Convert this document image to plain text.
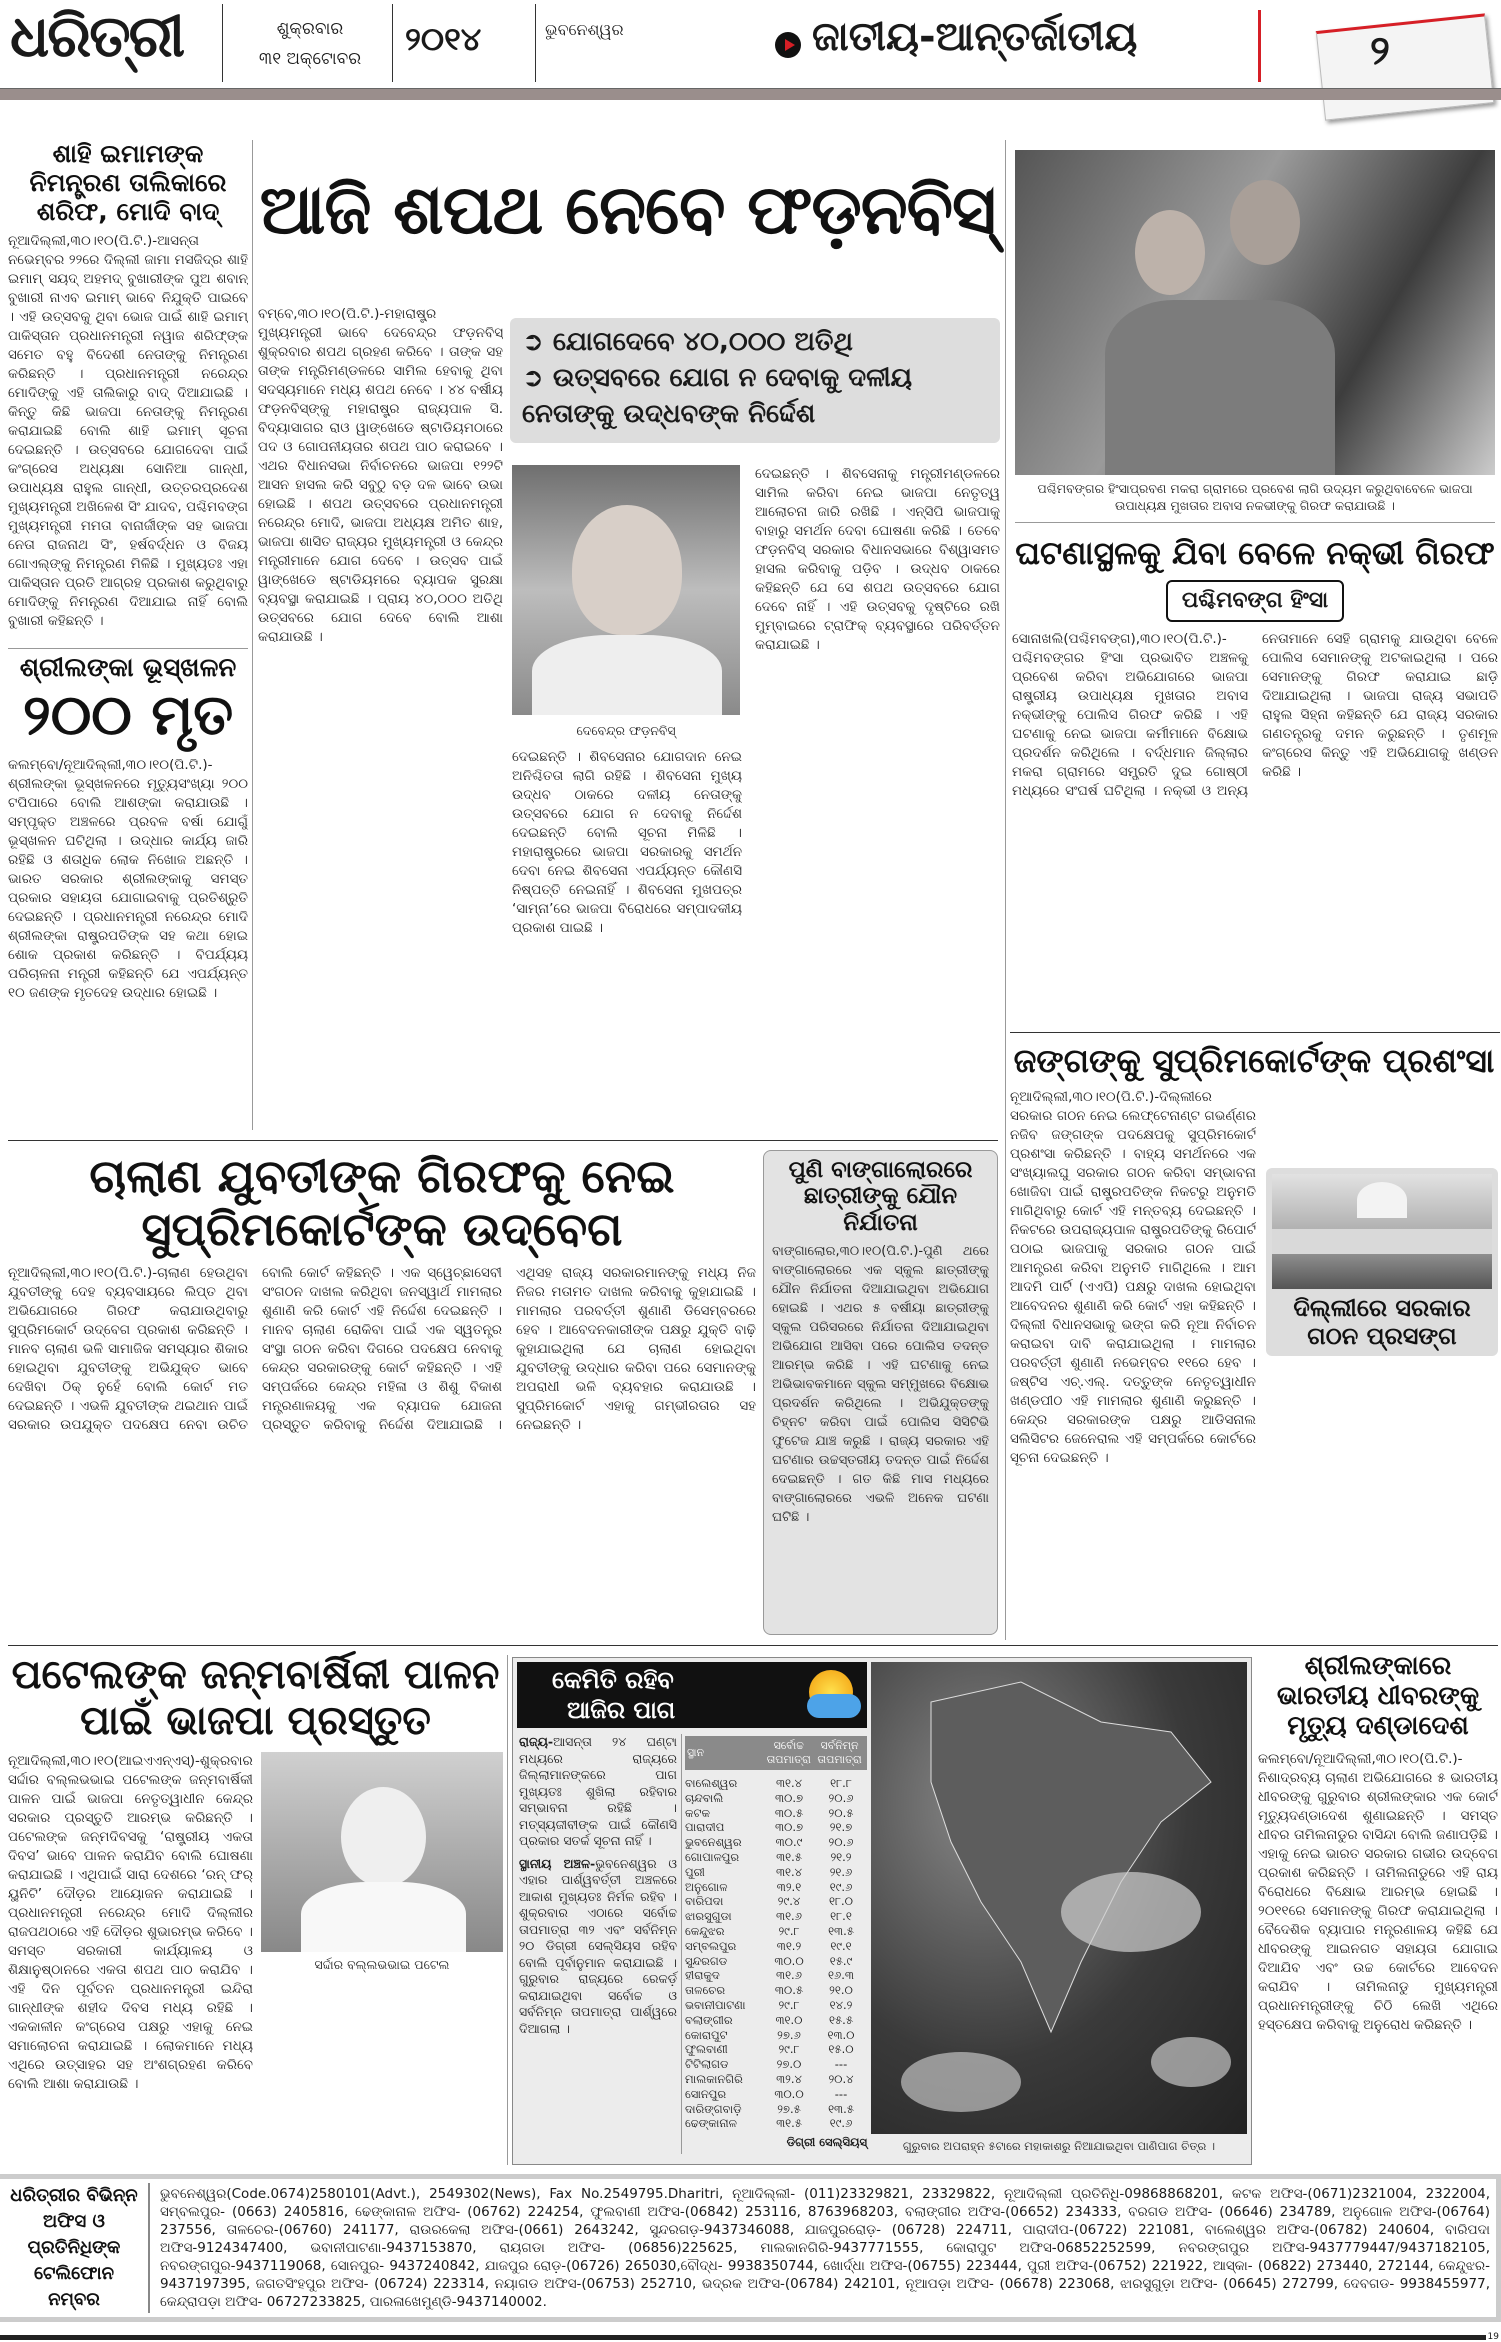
ଧରିତ୍ରୀ	ଶୁକ୍ରବାର
୩୧ ଅକ୍ଟୋବର
୨୦୧୪	ଭୁବନେଶ୍ୱର	ଜାତୀୟ-ଆନ୍ତର୍ଜାତୀୟ	୨
ଶାହି ଇମାମଙ୍କ ନିମନ୍ତ୍ରଣ ତାଲିକାରେ ଶରିଫ, ମୋଦି ବାଦ୍
ନୂଆଦିଲ୍ଲୀ,୩୦।୧୦(ପି.ଟି.)-ଆସନ୍ତା ନଭେମ୍ବର ୨୨ରେ ଦିଲ୍ଲୀ ଜାମା ମସଜିଦ୍‌ର ଶାହି ଇମାମ୍ ସୟଦ୍ ଅହମଦ୍ ବୁଖାରୀଙ୍କ ପୁଅ ଶବାନ୍ ବୁଖାରୀ ନାଏବ ଇମାମ୍ ଭାବେ ନିଯୁକ୍ତି ପାଇବେ । ଏହି ଉତ୍ସବକୁ ଥିବା ଭୋଜ ପାଇଁ ଶାହି ଇମାମ୍ ପାକିସ୍ତାନ ପ୍ରଧାନମନ୍ତ୍ରୀ ନୱାଜ ଶରିଫ୍‌ଙ୍କ ସମେତ ବହୁ ବିଦେଶୀ ନେତାଙ୍କୁ ନିମନ୍ତ୍ରଣ କରିଛନ୍ତି । ପ୍ରଧାନମନ୍ତ୍ରୀ ନରେନ୍ଦ୍ର ମୋଦିଙ୍କୁ ଏହି ତାଲିକାରୁ ବାଦ୍ ଦିଆଯାଇଛି । କିନ୍ତୁ କିଛି ଭାଜପା ନେତାଙ୍କୁ ନିମନ୍ତ୍ରଣ କରାଯାଇଛି ବୋଲି ଶାହି ଇମାମ୍ ସୂଚନା ଦେଇଛନ୍ତି । ଉତ୍ସବରେ ଯୋଗଦେବା ପାଇଁ କଂଗ୍ରେସ ଅଧ୍ୟକ୍ଷା ସୋନିଆ ଗାନ୍ଧୀ, ଉପାଧ୍ୟକ୍ଷ ରାହୁଲ ଗାନ୍ଧୀ, ଉତ୍ତରପ୍ରଦେଶ ମୁଖ୍ୟମନ୍ତ୍ରୀ ଅଖିଳେଶ ସିଂ ଯାଦବ, ପଶ୍ଚିମବଙ୍ଗ ମୁଖ୍ୟମନ୍ତ୍ରୀ ମମତା ବାନାର୍ଜୀଙ୍କ ସହ ଭାଜପା ନେତା ରାଜନାଥ ସିଂ, ହର୍ଷବର୍ଦ୍ଧନ ଓ ବିଜୟ ଗୋଏଲ୍‌ଙ୍କୁ ନିମନ୍ତ୍ରଣ ମିଳିଛି । ମୁଖ୍ୟତଃ ଏହା ପାକିସ୍ତାନ ପ୍ରତି ଆଗ୍ରହ ପ୍ରକାଶ କରୁଥିବାରୁ ମୋଦିଙ୍କୁ ନିମନ୍ତ୍ରଣ ଦିଆଯାଇ ନାହିଁ ବୋଲି ବୁଖାରୀ କହିଛନ୍ତି ।
ଶ୍ରୀଲଙ୍କା ଭୂସ୍ଖଳନ
୨୦୦ ମୃତ
କଲମ୍ବୋ/ନୂଆଦିଲ୍ଲୀ,୩୦।୧୦(ପି.ଟି.)-ଶ୍ରୀଲଙ୍କା ଭୂସ୍ଖଳନରେ ମୃତ୍ୟୁସଂଖ୍ୟା ୨୦୦ ଟପିପାରେ ବୋଲି ଆଶଙ୍କା କରାଯାଉଛି । ସମ୍ପୃକ୍ତ ଅଞ୍ଚଳରେ ପ୍ରବଳ ବର୍ଷା ଯୋଗୁଁ ଭୂସ୍ଖଳନ ଘଟିଥିଲା । ଉଦ୍ଧାର କାର୍ଯ୍ୟ ଜାରି ରହିଛି ଓ ଶତାଧିକ ଲୋକ ନିଖୋଜ ଅଛନ୍ତି । ଭାରତ ସରକାର ଶ୍ରୀଲଙ୍କାକୁ ସମସ୍ତ ପ୍ରକାର ସହାୟତା ଯୋଗାଇବାକୁ ପ୍ରତିଶ୍ରୁତି ଦେଇଛନ୍ତି । ପ୍ରଧାନମନ୍ତ୍ରୀ ନରେନ୍ଦ୍ର ମୋଦି ଶ୍ରୀଲଙ୍କା ରାଷ୍ଟ୍ରପତିଙ୍କ ସହ କଥା ହୋଇ ଶୋକ ପ୍ରକାଶ କରିଛନ୍ତି । ବିପର୍ଯ୍ୟୟ ପରିଚାଳନା ମନ୍ତ୍ରୀ କହିଛନ୍ତି ଯେ ଏପର୍ଯ୍ୟନ୍ତ ୧୦ ଜଣଙ୍କ ମୃତଦେହ ଉଦ୍ଧାର ହୋଇଛି ।
ଆଜି ଶପଥ ନେବେ ଫଡ଼ନବିସ୍
ବମ୍ବେ,୩୦।୧୦(ପି.ଟି.)-ମହାରାଷ୍ଟ୍ର ମୁଖ୍ୟମନ୍ତ୍ରୀ ଭାବେ ଦେବେନ୍ଦ୍ର ଫଡ଼ନବିସ୍ ଶୁକ୍ରବାର ଶପଥ ଗ୍ରହଣ କରିବେ । ତାଙ୍କ ସହ ତାଙ୍କ ମନ୍ତ୍ରିମଣ୍ଡଳରେ ସାମିଲ ହେବାକୁ ଥିବା ସଦସ୍ୟମାନେ ମଧ୍ୟ ଶପଥ ନେବେ । ୪୪ ବର୍ଷୀୟ ଫଡ଼ନବିସ୍‌ଙ୍କୁ ମହାରାଷ୍ଟ୍ର ରାଜ୍ୟପାଳ ସି. ବିଦ୍ୟାସାଗର ରାଓ ୱାଙ୍ଖେଡେ ଷ୍ଟାଡିୟମଠାରେ ପଦ ଓ ଗୋପନୀୟତାର ଶପଥ ପାଠ କରାଇବେ । ଏଥର ବିଧାନସଭା ନିର୍ବାଚନରେ ଭାଜପା ୧୨୨ଟି ଆସନ ହାସଲ କରି ସବୁଠୁ ବଡ଼ ଦଳ ଭାବେ ଉଭା ହୋଇଛି । ଶପଥ ଉତ୍ସବରେ ପ୍ରଧାନମନ୍ତ୍ରୀ ନରେନ୍ଦ୍ର ମୋଦି, ଭାଜପା ଅଧ୍ୟକ୍ଷ ଅମିତ ଶାହ, ଭାଜପା ଶାସିତ ରାଜ୍ୟର ମୁଖ୍ୟମନ୍ତ୍ରୀ ଓ କେନ୍ଦ୍ର ମନ୍ତ୍ରୀମାନେ ଯୋଗ ଦେବେ । ଉତ୍ସବ ପାଇଁ ୱାଙ୍ଖେଡେ ଷ୍ଟାଡିୟମରେ ବ୍ୟାପକ ସୁରକ୍ଷା ବ୍ୟବସ୍ଥା କରାଯାଇଛି । ପ୍ରାୟ ୪୦,୦୦୦ ଅତିଥି ଉତ୍ସବରେ ଯୋଗ ଦେବେ ବୋଲି ଆଶା କରାଯାଉଛି ।
➲ ଯୋଗଦେବେ ୪୦,୦୦୦ ଅତିଥି
➲ ଉତ୍ସବରେ ଯୋଗ ନ ଦେବାକୁ ଦଳୀୟ ନେତାଙ୍କୁ ଉଦ୍ଧବଙ୍କ ନିର୍ଦ୍ଦେଶ
ଦେବେନ୍ଦ୍ର ଫଡ଼ନବିସ୍
ଦେଇଛନ୍ତି । ଶିବସେନାର ଯୋଗଦାନ ନେଇ ଅନିଶ୍ଚିତତା ଲାଗି ରହିଛି । ଶିବସେନା ମୁଖ୍ୟ ଉଦ୍ଧବ ଠାକରେ ଦଳୀୟ ନେତାଙ୍କୁ ଉତ୍ସବରେ ଯୋଗ ନ ଦେବାକୁ ନିର୍ଦ୍ଦେଶ ଦେଇଛନ୍ତି ବୋଲି ସୂଚନା ମିଳିଛି । ମହାରାଷ୍ଟ୍ରରେ ଭାଜପା ସରକାରକୁ ସମର୍ଥନ ଦେବା ନେଇ ଶିବସେନା ଏପର୍ଯ୍ୟନ୍ତ କୌଣସି ନିଷ୍ପତ୍ତି ନେଇନାହିଁ । ଶିବସେନା ମୁଖପତ୍ର ‘ସାମ୍ନା’ରେ ଭାଜପା ବିରୋଧରେ ସମ୍ପାଦକୀୟ ପ୍ରକାଶ ପାଇଛି ।
ଦେଇଛନ୍ତି । ଶିବସେନାକୁ ମନ୍ତ୍ରୀମଣ୍ଡଳରେ ସାମିଲ କରିବା ନେଇ ଭାଜପା ନେତୃତ୍ୱ ଆଲୋଚନା ଜାରି ରଖିଛି । ଏନ୍‌ସିପି ଭାଜପାକୁ ବାହାରୁ ସମର୍ଥନ ଦେବା ଘୋଷଣା କରିଛି । ତେବେ ଫଡ଼ନବିସ୍ ସରକାର ବିଧାନସଭାରେ ବିଶ୍ୱାସମତ ହାସଲ କରିବାକୁ ପଡ଼ିବ । ଉଦ୍ଧବ ଠାକରେ କହିଛନ୍ତି ଯେ ସେ ଶପଥ ଉତ୍ସବରେ ଯୋଗ ଦେବେ ନାହିଁ । ଏହି ଉତ୍ସବକୁ ଦୃଷ୍ଟିରେ ରଖି ମୁମ୍ବାଇରେ ଟ୍ରାଫିକ୍ ବ୍ୟବସ୍ଥାରେ ପରିବର୍ତ୍ତନ କରାଯାଇଛି ।
ପଶ୍ଚିମବଙ୍ଗର ହିଂସାପ୍ରବଣ ମକରା ଗ୍ରାମରେ ପ୍ରବେଶ ଲାଗି ଉଦ୍ୟମ କରୁଥିବାବେଳେ ଭାଜପା ଉପାଧ୍ୟକ୍ଷ ମୁଖତାର ଅବାସ ନକଭୀଙ୍କୁ ଗିରଫ କରାଯାଉଛି ।
ଘଟଣାସ୍ଥଳକୁ ଯିବା ବେଳେ ନକ୍‌ଭୀ ଗିରଫ
ପଶ୍ଚିମବଙ୍ଗ ହିଂସା
ସୋନାଖଲି(ପଶ୍ଚିମବଙ୍ଗ),୩୦।୧୦(ପି.ଟି.)-ପଶ୍ଚିମବଙ୍ଗର ହିଂସା ପ୍ରଭାବିତ ଅଞ୍ଚଳକୁ ପ୍ରବେଶ କରିବା ଅଭିଯୋଗରେ ଭାଜପା ରାଷ୍ଟ୍ରୀୟ ଉପାଧ୍ୟକ୍ଷ ମୁଖତାର ଅବାସ ନକ୍‌ଭୀଙ୍କୁ ପୋଲିସ ଗିରଫ କରିଛି । ଏହି ଘଟଣାକୁ ନେଇ ଭାଜପା କର୍ମୀମାନେ ବିକ୍ଷୋଭ ପ୍ରଦର୍ଶନ କରିଥିଲେ । ବର୍ଦ୍ଧମାନ ଜିଲ୍ଲାର ମକରା ଗ୍ରାମରେ ସମ୍ପ୍ରତି ଦୁଇ ଗୋଷ୍ଠୀ ମଧ୍ୟରେ ସଂଘର୍ଷ ଘଟିଥିଲା । ନକ୍‌ଭୀ ଓ ଅନ୍ୟ ନେତାମାନେ ସେହି ଗ୍ରାମକୁ ଯାଉଥିବା ବେଳେ ପୋଲିସ ସେମାନଙ୍କୁ ଅଟକାଇଥିଲା । ପରେ ସେମାନଙ୍କୁ ଗିରଫ କରାଯାଇ ଛାଡ଼ି ଦିଆଯାଇଥିଲା । ଭାଜପା ରାଜ୍ୟ ସଭାପତି ରାହୁଲ ସିହ୍ନା କହିଛନ୍ତି ଯେ ରାଜ୍ୟ ସରକାର ଗଣତନ୍ତ୍ରକୁ ଦମନ କରୁଛନ୍ତି । ତୃଣମୂଳ କଂଗ୍ରେସ କିନ୍ତୁ ଏହି ଅଭିଯୋଗକୁ ଖଣ୍ଡନ କରିଛି ।
ଜଙ୍ଗଙ୍କୁ ସୁପ୍ରିମକୋର୍ଟଙ୍କ ପ୍ରଶଂସା
ନୂଆଦିଲ୍ଲୀ,୩୦।୧୦(ପି.ଟି.)-ଦିଲ୍ଲୀରେ ସରକାର ଗଠନ ନେଇ ଲେଫ୍‌ଟେନାଣ୍ଟ ଗଭର୍ଣ୍ଣର ନଜିବ ଜଙ୍ଗଙ୍କ ପଦକ୍ଷେପକୁ ସୁପ୍ରିମକୋର୍ଟ ପ୍ରଶଂସା କରିଛନ୍ତି । ବାହ୍ୟ ସମର୍ଥନରେ ଏକ ସଂଖ୍ୟାଲଘୁ ସରକାର ଗଠନ କରିବା ସମ୍ଭାବନା ଖୋଜିବା ପାଇଁ ରାଷ୍ଟ୍ରପତିଙ୍କ ନିକଟରୁ ଅନୁମତି ମାଗିଥିବାରୁ କୋର୍ଟ ଏହି ମନ୍ତବ୍ୟ ଦେଇଛନ୍ତି । ନିକଟରେ ଉପରାଜ୍ୟପାଳ ରାଷ୍ଟ୍ରପତିଙ୍କୁ ରିପୋର୍ଟ ପଠାଇ ଭାଜପାକୁ ସରକାର ଗଠନ ପାଇଁ ଆମନ୍ତ୍ରଣ କରିବା ଅନୁମତି ମାଗିଥିଲେ । ଆମ ଆଦମି ପାର୍ଟି (ଏଏପି) ପକ୍ଷରୁ ଦାଖଲ ହୋଇଥିବା ଆବେଦନର ଶୁଣାଣି କରି କୋର୍ଟ ଏହା କହିଛନ୍ତି । ଦିଲ୍ଲୀ ବିଧାନସଭାକୁ ଭଙ୍ଗ କରି ନୂଆ ନିର୍ବାଚନ କରାଇବା ଦାବି କରାଯାଇଥିଲା । ମାମଲାର ପରବର୍ତ୍ତୀ ଶୁଣାଣି ନଭେମ୍ବର ୧୧ରେ ହେବ । ଜଷ୍ଟିସ ଏଚ୍.ଏଲ୍. ଦତ୍ତୁଙ୍କ ନେତୃତ୍ୱାଧୀନ ଖଣ୍ଡପୀଠ ଏହି ମାମଲାର ଶୁଣାଣି କରୁଛନ୍ତି । କେନ୍ଦ୍ର ସରକାରଙ୍କ ପକ୍ଷରୁ ଆଡିସନାଲ ସଲିସିଟର ଜେନେରାଲ ଏହି ସମ୍ପର୍କରେ କୋର୍ଟରେ ସୂଚନା ଦେଇଛନ୍ତି ।
ଦିଲ୍ଲୀରେ ସରକାର ଗଠନ ପ୍ରସଙ୍ଗ
ଚାଲାଣ ଯୁବତୀଙ୍କ ଗିରଫକୁ ନେଇ ସୁପ୍ରିମକୋର୍ଟଙ୍କ ଉଦ୍‌ବେଗ
ନୂଆଦିଲ୍ଲୀ,୩୦।୧୦(ପି.ଟି.)-ଚାଲାଣ ହେଉଥିବା ଯୁବତୀଙ୍କୁ ଦେହ ବ୍ୟବସାୟରେ ଲିପ୍ତ ଥିବା ଅଭିଯୋଗରେ ଗିରଫ କରାଯାଉଥିବାରୁ ସୁପ୍ରିମକୋର୍ଟ ଉଦ୍‌ବେଗ ପ୍ରକାଶ କରିଛନ୍ତି । ମାନବ ଚାଲାଣ ଭଳି ସାମାଜିକ ସମସ୍ୟାର ଶିକାର ହୋଇଥିବା ଯୁବତୀଙ୍କୁ ଅଭିଯୁକ୍ତ ଭାବେ ଦେଖିବା ଠିକ୍ ନୁହେଁ ବୋଲି କୋର୍ଟ ମତ ଦେଇଛନ୍ତି । ଏଭଳି ଯୁବତୀଙ୍କ ଥଇଥାନ ପାଇଁ ସରକାର ଉପଯୁକ୍ତ ପଦକ୍ଷେପ ନେବା ଉଚିତ ବୋଲି କୋର୍ଟ କହିଛନ୍ତି । ଏକ ସ୍ୱେଚ୍ଛାସେବୀ ସଂଗଠନ ଦାଖଲ କରିଥିବା ଜନସ୍ୱାର୍ଥ ମାମଲାର ଶୁଣାଣି କରି କୋର୍ଟ ଏହି ନିର୍ଦ୍ଦେଶ ଦେଇଛନ୍ତି । ମାନବ ଚାଲାଣ ରୋକିବା ପାଇଁ ଏକ ସ୍ୱତନ୍ତ୍ର ସଂସ୍ଥା ଗଠନ କରିବା ଦିଗରେ ପଦକ୍ଷେପ ନେବାକୁ କେନ୍ଦ୍ର ସରକାରଙ୍କୁ କୋର୍ଟ କହିଛନ୍ତି । ଏହି ସମ୍ପର୍କରେ କେନ୍ଦ୍ର ମହିଳା ଓ ଶିଶୁ ବିକାଶ ମନ୍ତ୍ରଣାଳୟକୁ ଏକ ବ୍ୟାପକ ଯୋଜନା ପ୍ରସ୍ତୁତ କରିବାକୁ ନିର୍ଦ୍ଦେଶ ଦିଆଯାଇଛି । ଏଥିସହ ରାଜ୍ୟ ସରକାରମାନଙ୍କୁ ମଧ୍ୟ ନିଜ ନିଜର ମତାମତ ଦାଖଲ କରିବାକୁ କୁହାଯାଇଛି । ମାମଲାର ପରବର୍ତ୍ତୀ ଶୁଣାଣି ଡିସେମ୍ବରରେ ହେବ । ଆବେଦନକାରୀଙ୍କ ପକ୍ଷରୁ ଯୁକ୍ତି ବାଢ଼ି କୁହାଯାଇଥିଲା ଯେ ଚାଲାଣ ହୋଇଥିବା ଯୁବତୀଙ୍କୁ ଉଦ୍ଧାର କରିବା ପରେ ସେମାନଙ୍କୁ ଅପରାଧୀ ଭଳି ବ୍ୟବହାର କରାଯାଉଛି । ସୁପ୍ରିମକୋର୍ଟ ଏହାକୁ ଗମ୍ଭୀରତାର ସହ ନେଇଛନ୍ତି ।
ପୁଣି ବାଙ୍ଗାଲୋରରେ ଛାତ୍ରୀଙ୍କୁ ଯୌନ ନିର୍ଯାତନା
ବାଙ୍ଗାଲୋର,୩୦।୧୦(ପି.ଟି.)-ପୁଣି ଥରେ ବାଙ୍ଗାଲୋରରେ ଏକ ସ୍କୁଲ ଛାତ୍ରୀଙ୍କୁ ଯୌନ ନିର୍ଯାତନା ଦିଆଯାଇଥିବା ଅଭିଯୋଗ ହୋଇଛି । ଏଥର ୫ ବର୍ଷୀୟା ଛାତ୍ରୀଙ୍କୁ ସ୍କୁଲ ପରିସରରେ ନିର୍ଯାତନା ଦିଆଯାଇଥିବା ଅଭିଯୋଗ ଆସିବା ପରେ ପୋଲିସ ତଦନ୍ତ ଆରମ୍ଭ କରିଛି । ଏହି ଘଟଣାକୁ ନେଇ ଅଭିଭାବକମାନେ ସ୍କୁଲ ସମ୍ମୁଖରେ ବିକ୍ଷୋଭ ପ୍ରଦର୍ଶନ କରିଥିଲେ । ଅଭିଯୁକ୍ତଙ୍କୁ ଚିହ୍ନଟ କରିବା ପାଇଁ ପୋଲିସ ସିସିଟିଭି ଫୁଟେଜ ଯାଞ୍ଚ କରୁଛି । ରାଜ୍ୟ ସରକାର ଏହି ଘଟଣାର ଉଚ୍ଚସ୍ତରୀୟ ତଦନ୍ତ ପାଇଁ ନିର୍ଦ୍ଦେଶ ଦେଇଛନ୍ତି । ଗତ କିଛି ମାସ ମଧ୍ୟରେ ବାଙ୍ଗାଲୋରରେ ଏଭଳି ଅନେକ ଘଟଣା ଘଟିଛି ।
ପଟେଲଙ୍କ ଜନ୍ମବାର୍ଷିକୀ ପାଳନ ପାଇଁ ଭାଜପା ପ୍ରସ୍ତୁତ
ନୂଆଦିଲ୍ଲୀ,୩୦।୧୦(ଆଇଏଏନ୍‌ଏସ୍)-ଶୁକ୍ରବାର ସର୍ଦ୍ଦାର ବଲ୍ଲଭଭାଇ ପଟେଲଙ୍କ ଜନ୍ମବାର୍ଷିକୀ ପାଳନ ପାଇଁ ଭାଜପା ନେତୃତ୍ୱାଧୀନ କେନ୍ଦ୍ର ସରକାର ପ୍ରସ୍ତୁତି ଆରମ୍ଭ କରିଛନ୍ତି । ପଟେଲଙ୍କ ଜନ୍ମଦିବସକୁ ‘ରାଷ୍ଟ୍ରୀୟ ଏକତା ଦିବସ’ ଭାବେ ପାଳନ କରାଯିବ ବୋଲି ଘୋଷଣା କରାଯାଇଛି । ଏଥିପାଇଁ ସାରା ଦେଶରେ ‘ରନ୍ ଫର୍ ୟୁନିଟି’ ଦୌଡ଼ର ଆୟୋଜନ କରାଯାଇଛି । ପ୍ରଧାନମନ୍ତ୍ରୀ ନରେନ୍ଦ୍ର ମୋଦି ଦିଲ୍ଲୀର ରାଜପଥଠାରେ ଏହି ଦୌଡ଼ର ଶୁଭାରମ୍ଭ କରିବେ । ସମସ୍ତ ସରକାରୀ କାର୍ଯ୍ୟାଳୟ ଓ ଶିକ୍ଷାନୁଷ୍ଠାନରେ ଏକତା ଶପଥ ପାଠ କରାଯିବ । ଏହି ଦିନ ପୂର୍ବତନ ପ୍ରଧାନମନ୍ତ୍ରୀ ଇନ୍ଦିରା ଗାନ୍ଧୀଙ୍କ ଶହୀଦ ଦିବସ ମଧ୍ୟ ରହିଛି । ଏକକାଳୀନ କଂଗ୍ରେସ ପକ୍ଷରୁ ଏହାକୁ ନେଇ ସମାଲୋଚନା କରାଯାଇଛି । ଲୋକମାନେ ମଧ୍ୟ ଏଥିରେ ଉତ୍ସାହର ସହ ଅଂଶଗ୍ରହଣ କରିବେ ବୋଲି ଆଶା କରାଯାଉଛି ।
ସର୍ଦ୍ଦାର ବଲ୍ଲଭଭାଇ ପଟେଲ
କେମିତି ରହିବ
ଆଜିର ପାଗ
ରାଜ୍ୟ-ଆସନ୍ତା ୨୪ ଘଣ୍ଟା ମଧ୍ୟରେ ରାଜ୍ୟରେ ଜିଲ୍ଲାମାନଙ୍କରେ ପାଗ ମୁଖ୍ୟତଃ ଶୁଖିଲା ରହିବାର ସମ୍ଭାବନା ରହିଛି । ମତ୍ସ୍ୟଜୀବୀଙ୍କ ପାଇଁ କୌଣସି ପ୍ରକାର ସତର୍କ ସୂଚନା ନାହିଁ ।
ସ୍ଥାନୀୟ ଅଞ୍ଚଳ-ଭୁବନେଶ୍ୱର ଓ ଏହାର ପାର୍ଶ୍ୱବର୍ତ୍ତୀ ଅଞ୍ଚଳରେ ଆକାଶ ମୁଖ୍ୟତଃ ନିର୍ମଳ ରହିବ । ଶୁକ୍ରବାର ଏଠାରେ ସର୍ବୋଚ୍ଚ ତାପମାତ୍ରା ୩୨ ଏବଂ ସର୍ବନିମ୍ନ ୨୦ ଡିଗ୍ରୀ ସେଲ୍‌ସିୟସ ରହିବ ବୋଲି ପୂର୍ବାନୁମାନ କରାଯାଇଛି । ଗୁରୁବାର ରାଜ୍ୟରେ ରେକର୍ଡ଼ କରାଯାଇଥିବା ସର୍ବୋଚ୍ଚ ଓ ସର୍ବନିମ୍ନ ତାପମାତ୍ରା ପାର୍ଶ୍ୱରେ ଦିଆଗଲା ।
ସ୍ଥାନ
ସର୍ବୋଚ୍ଚ ତାପମାତ୍ରା
ସର୍ବନିମ୍ନ ତାପମାତ୍ରା
ବାଲେଶ୍ୱର	୩୧.୪	୧୮.୮
ଚାନ୍ଦବାଲି	୩୦.୭	୨୦.୬
କଟକ	୩୦.୫	୨୦.୫
ପାରାଦୀପ	୩୦.୭	୨୧.୭
ଭୁବନେଶ୍ୱର	୩୦.୯	୨୦.୬
ଗୋପାଳପୁର	୩୧.୫	୨୧.୨
ପୁରୀ	୩୧.୪	୨୧.୬
ଅନୁଗୋଳ	୩୨.୧	୧୯.୬
ବାରିପଦା	୨୯.୪	୧୮.୦
ଝାରସୁଗୁଡା	୩୧.୬	୧୮.୧
କେନ୍ଦୁଝର	୨୯.୮	୧୩.୫
ସମ୍ବଲପୁର	୩୧.୨	୧୯.୧
ସୁନ୍ଦରଗଡ	୩୦.୦	୧୫.୯
ହୀରାକୁଦ	୩୧.୬	୧୬.୩
ତାଳଚେର	୩୦.୫	୨୧.୦
ଭବାନୀପାଟଣା	୨୯.୮	୧୪.୨
ବଲାଙ୍ଗୀର	୩୧.୦	୧୫.୫
କୋରାପୁଟ	୨୭.୬	୧୩.୦
ଫୁଲବାଣୀ	୨୯.୮	୧୫.୦
ଟିଟିଲାଗଡ	୨୭.୦	---
ମାଲକାନଗିରି	୩୨.୪	୨୦.୪
ସୋନପୁର	୩୦.୦	---
ଦାରିଙ୍ଗବାଡ଼ି	୨୭.୫	୧୩.୫
ଢେଙ୍କାନାଳ	୩୧.୫	୧୯.୬
ଡିଗ୍ରୀ ସେଲ୍‌ସିୟସ୍	ଗୁରୁବାର ଅପରାହ୍ନ ୫ଟାରେ ମହାକାଶରୁ ନିଆଯାଇଥିବା ପାଣିପାଗ ଚିତ୍ର ।
ଶ୍ରୀଲଙ୍କାରେ ଭାରତୀୟ ଧୀବରଙ୍କୁ ମୃତ୍ୟୁ ଦଣ୍ଡାଦେଶ
କଲମ୍ବୋ/ନୂଆଦିଲ୍ଲୀ,୩୦।୧୦(ପି.ଟି.)-ନିଶାଦ୍ରବ୍ୟ ଚାଲାଣ ଅଭିଯୋଗରେ ୫ ଭାରତୀୟ ଧୀବରଙ୍କୁ ଗୁରୁବାର ଶ୍ରୀଲଙ୍କାର ଏକ କୋର୍ଟ ମୃତ୍ୟୁଦଣ୍ଡାଦେଶ ଶୁଣାଇଛନ୍ତି । ସମସ୍ତ ଧୀବର ତାମିଲନାଡୁର ବାସିନ୍ଦା ବୋଲି ଜଣାପଡ଼ିଛି । ଏହାକୁ ନେଇ ଭାରତ ସରକାର ଗଭୀର ଉଦ୍‌ବେଗ ପ୍ରକାଶ କରିଛନ୍ତି । ତାମିଲନାଡୁରେ ଏହି ରାୟ ବିରୋଧରେ ବିକ୍ଷୋଭ ଆରମ୍ଭ ହୋଇଛି । ୨୦୧୧ରେ ସେମାନଙ୍କୁ ଗିରଫ କରାଯାଇଥିଲା । ବୈଦେଶିକ ବ୍ୟାପାର ମନ୍ତ୍ରଣାଳୟ କହିଛି ଯେ ଧୀବରଙ୍କୁ ଆଇନଗତ ସହାୟତା ଯୋଗାଇ ଦିଆଯିବ ଏବଂ ଉଚ୍ଚ କୋର୍ଟରେ ଆବେଦନ କରାଯିବ । ତାମିଲନାଡୁ ମୁଖ୍ୟମନ୍ତ୍ରୀ ପ୍ରଧାନମନ୍ତ୍ରୀଙ୍କୁ ଚିଠି ଲେଖି ଏଥିରେ ହସ୍ତକ୍ଷେପ କରିବାକୁ ଅନୁରୋଧ କରିଛନ୍ତି ।
ଧରିତ୍ରୀର ବିଭିନ୍ନ ଅଫିସ ଓ ପ୍ରତିନିଧିଙ୍କ ଟେଲିଫୋନ ନମ୍ବର
ଭୁବନେଶ୍ୱର(Code.0674)2580101(Advt.), 2549302(News), Fax No.2549795.Dharitri, ନୂଆଦିଲ୍ଲୀ- (011)23329821, 23329822, ନୂଆଦିଲ୍ଲୀ ପ୍ରତିନିଧି-09868868201, କଟକ ଅଫିସ-(0671)2321004, 2322004, ସମ୍ବଲପୁର- (0663) 2405816, ଢେଙ୍କାନାଳ ଅଫିସ- (06762) 224254, ଫୁଲବାଣୀ ଅଫିସ-(06842) 253116, 8763968203, ବଲାଙ୍ଗୀର ଅଫିସ-(06652) 234333, ବରଗଡ ଅଫିସ- (06646) 234789, ଅନୁଗୋଳ ଅଫିସ-(06764) 237556, ତାଳଚେର-(06760) 241177, ରାଉରକେଲା ଅଫିସ-(0661) 2643242, ସୁନ୍ଦରଗଡ଼-9437346088, ଯାଜପୁରରୋଡ଼- (06728) 224711, ପାରାଦୀପ-(06722) 221081, ବାଲେଶ୍ୱର ଅଫିସ-(06782) 240604, ବାରିପଦା ଅଫିସ-9124347400, ଭବାନୀପାଟଣା-9437153870, ରାୟଗଡା ଅଫିସ- (06856)225625, ମାଲକାନଗିରି-9437771555, କୋରାପୁଟ ଅଫିସ-06852252599, ନବରଙ୍ଗପୁର ଅଫିସ-9437779447/9437182105, ନବରଙ୍ଗପୁର-9437119068, ସୋନପୁର- 9437240842, ଯାଜପୁର ରୋଡ଼-(06726) 265030,ବୌଦ୍ଧ- 9938350744, ଖୋର୍ଦ୍ଧା ଅଫିସ-(06755) 223444, ପୁରୀ ଅଫିସ-(06752) 221922, ଆସ୍କା- (06822) 273440, 272144, କେନ୍ଦୁଝର- 9437197395, ଜଗତସିଂହପୁର ଅଫିସ- (06724) 223314, ନୟାଗଡ ଅଫିସ-(06753) 252710, ଭଦ୍ରକ ଅଫିସ-(06784) 242101, ନୂଆପଡ଼ା ଅଫିସ- (06678) 223068, ଝାରସୁଗୁଡ଼ା ଅଫିସ- (06645) 272799, ଦେବଗଡ- 9938455977, କେନ୍ଦ୍ରାପଡ଼ା ଅଫିସ- 06727233825, ପାରଳାଖେମୁଣ୍ଡି-9437140002.
19
